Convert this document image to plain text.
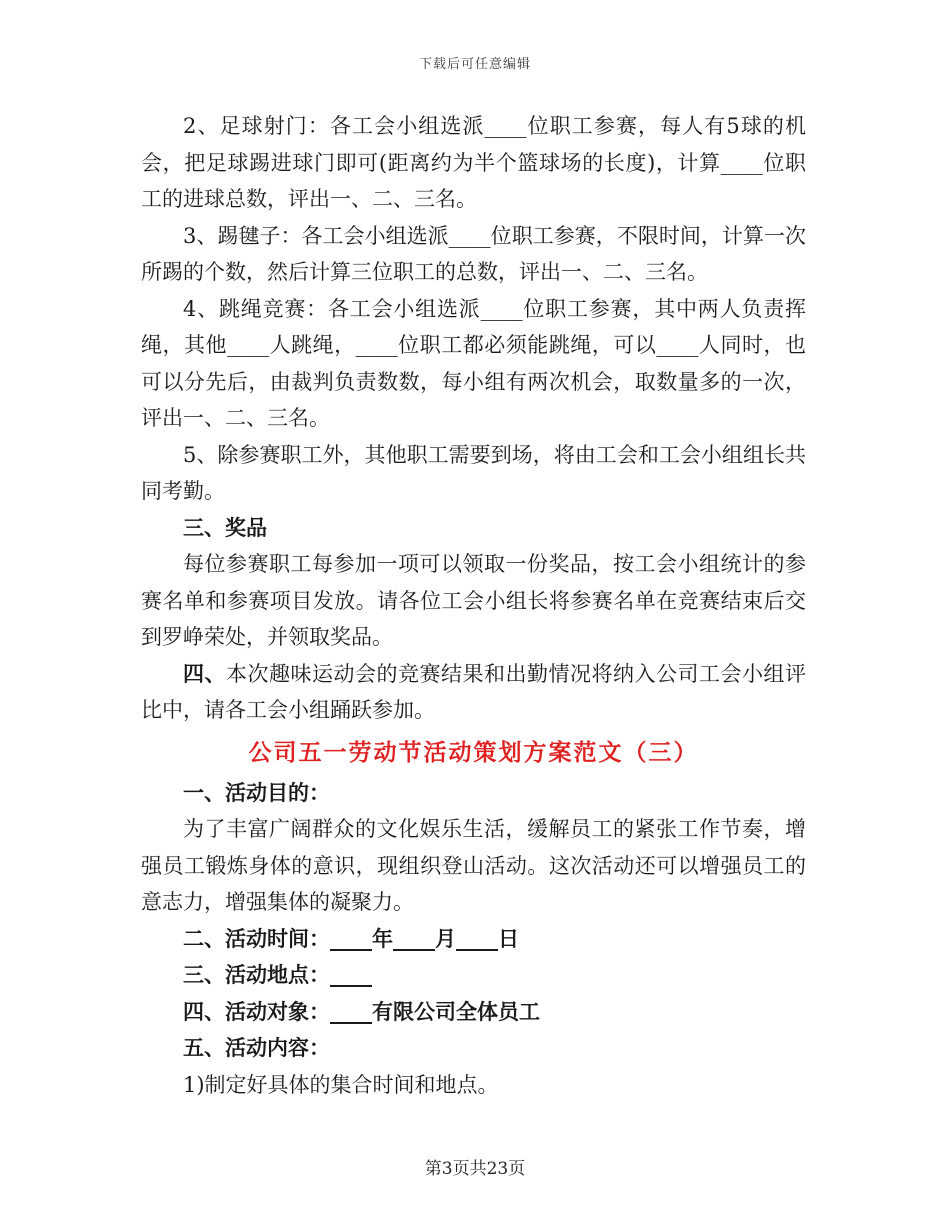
下载后可任意编辑

2、足球射门：各工会小组选派____位职工参赛，每人有5球的机会，把足球踢进球门即可(距离约为半个篮球场的长度)，计算____位职工的进球总数，评出一、二、三名。

3、踢毽子：各工会小组选派____位职工参赛，不限时间，计算一次所踢的个数，然后计算三位职工的总数，评出一、二、三名。

4、跳绳竞赛：各工会小组选派____位职工参赛，其中两人负责挥绳，其他____人跳绳，____位职工都必须能跳绳，可以____人同时，也可以分先后，由裁判负责数数，每小组有两次机会，取数量多的一次，评出一、二、三名。

5、除参赛职工外，其他职工需要到场，将由工会和工会小组组长共同考勤。

三、奖品

每位参赛职工每参加一项可以领取一份奖品，按工会小组统计的参赛名单和参赛项目发放。请各位工会小组长将参赛名单在竞赛结束后交到罗峥荣处，并领取奖品。

四、本次趣味运动会的竞赛结果和出勤情况将纳入公司工会小组评比中，请各工会小组踊跃参加。

公司五一劳动节活动策划方案范文（三）

一、活动目的：

为了丰富广阔群众的文化娱乐生活，缓解员工的紧张工作节奏，增强员工锻炼身体的意识，现组织登山活动。这次活动还可以增强员工的意志力，增强集体的凝聚力。

二、活动时间：____年____月____日

三、活动地点：____

四、活动对象：____有限公司全体员工

五、活动内容：

1)制定好具体的集合时间和地点。

第3页共23页
